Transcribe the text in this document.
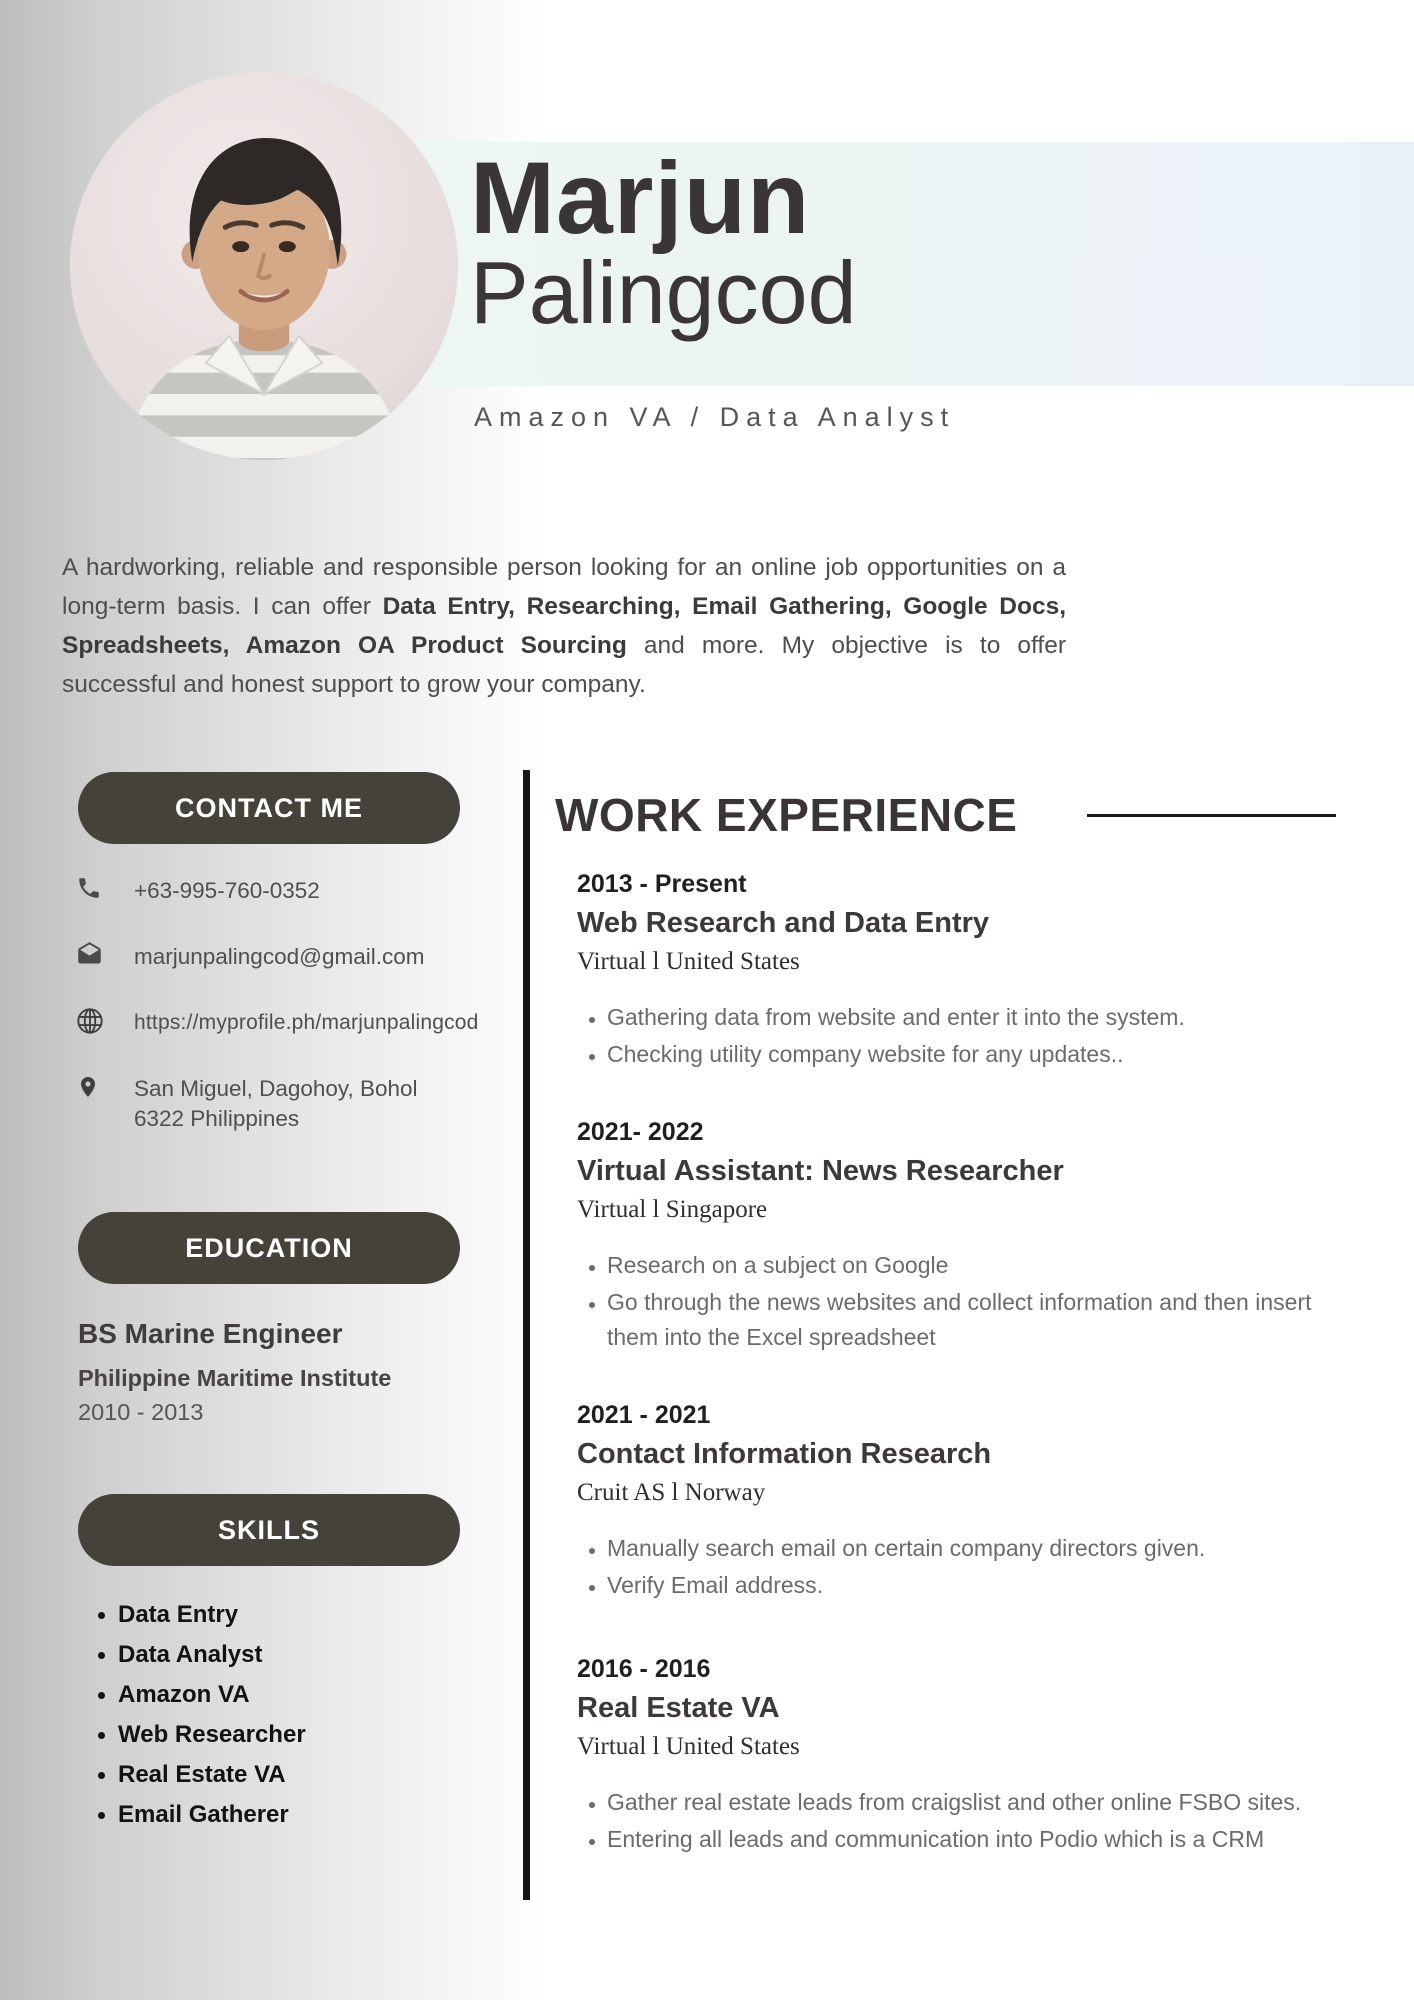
Marjun
Palingcod
Amazon VA / Data Analyst

A hardworking, reliable and responsible person looking for an online job opportunities on a long-term basis. I can offer Data Entry, Researching, Email Gathering, Google Docs, Spreadsheets, Amazon OA Product Sourcing and more. My objective is to offer successful and honest support to grow your company.

CONTACT ME
+63-995-760-0352
marjunpalingcod@gmail.com
https://myprofile.ph/marjunpalingcod
San Miguel, Dagohoy, Bohol
6322 Philippines
EDUCATION
BS Marine Engineer
Philippine Maritime Institute
2010 - 2013
SKILLS
• Data Entry
• Data Analyst
• Amazon VA
• Web Researcher
• Real Estate VA
• Email Gatherer
WORK EXPERIENCE
2013 - Present
Web Research and Data Entry
Virtual l United States
• Gathering data from website and enter it into the system.
• Checking utility company website for any updates..
2021- 2022
Virtual Assistant: News Researcher
Virtual l Singapore
• Research on a subject on Google
• Go through the news websites and collect information and then insert them into the Excel spreadsheet
2021 - 2021
Contact Information Research
Cruit AS l Norway
• Manually search email on certain company directors given.
• Verify Email address.
2016 - 2016
Real Estate VA
Virtual l United States
• Gather real estate leads from craigslist and other online FSBO sites.
• Entering all leads and communication into Podio which is a CRM
